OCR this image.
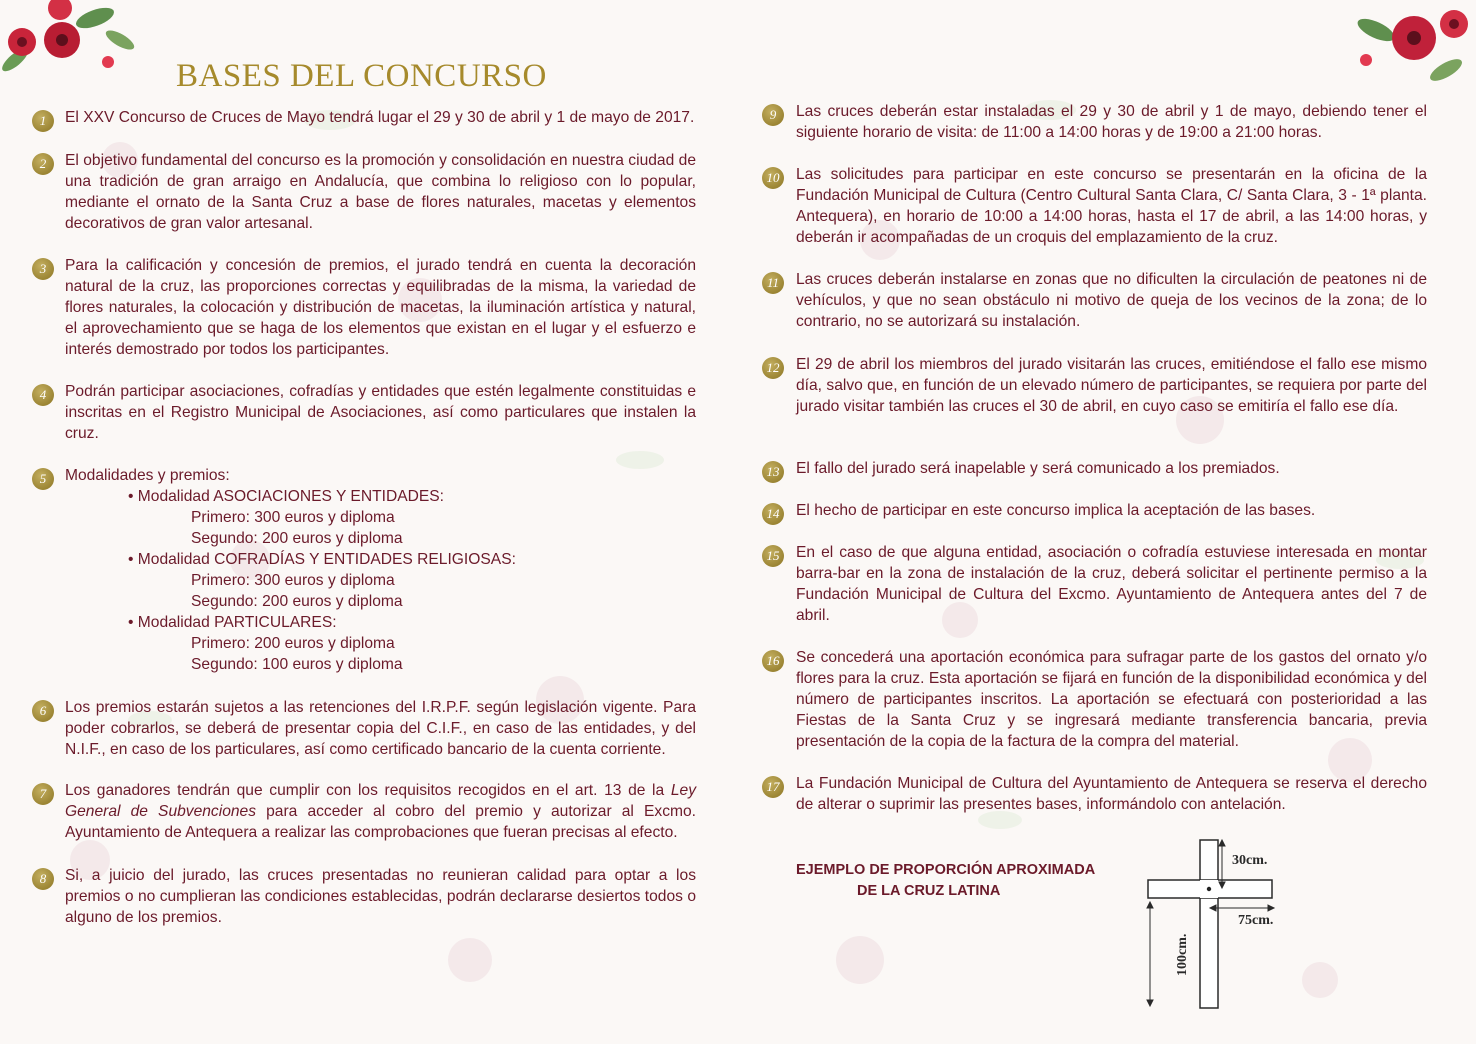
BASES DEL CONCURSO
1	El XXV Concurso de Cruces de Mayo tendrá lugar el 29 y 30 de abril y 1 de mayo de 2017.
2	El objetivo fundamental del concurso es la promoción y consolidación en nuestra ciudad de una tradición de gran arraigo en Andalucía, que combina lo religioso con lo popular, mediante el ornato de la Santa Cruz a base de flores naturales, macetas y elementos decorativos de gran valor artesanal.
3	Para la calificación y concesión de premios, el jurado tendrá en cuenta la decoración natural de la cruz, las proporciones correctas y equilibradas de la misma, la variedad de flores naturales, la colocación y distribución de macetas, la iluminación artística y natural, el aprovechamiento que se haga de los elementos que existan en el lugar y el esfuerzo e interés demostrado por todos los participantes.
4	Podrán participar asociaciones, cofradías y entidades que estén legalmente constituidas e inscritas en el Registro Municipal de Asociaciones, así como particulares que instalen la cruz.
5	Modalidades y premios:
• Modalidad ASOCIACIONES Y ENTIDADES:
Primero: 300 euros y diploma
Segundo: 200 euros y diploma
• Modalidad COFRADÍAS Y ENTIDADES RELIGIOSAS:
Primero: 300 euros y diploma
Segundo: 200 euros y diploma
• Modalidad PARTICULARES:
Primero: 200 euros y diploma
Segundo: 100 euros y diploma
6	Los premios estarán sujetos a las retenciones del I.R.P.F. según legislación vigente. Para poder cobrarlos, se deberá de presentar copia del C.I.F., en caso de las entidades, y del N.I.F., en caso de los particulares, así como certificado bancario de la cuenta corriente.
7	Los ganadores tendrán que cumplir con los requisitos recogidos en el art. 13 de la Ley General de Subvenciones para acceder al cobro del premio y autorizar al Excmo. Ayuntamiento de Antequera a realizar las comprobaciones que fueran precisas al efecto.
8	Si, a juicio del jurado, las cruces presentadas no reunieran calidad para optar a los premios o no cumplieran las condiciones establecidas, podrán declararse desiertos todos o alguno de los premios.
9	Las cruces deberán estar instaladas el 29 y 30 de abril y 1 de mayo, debiendo tener el siguiente horario de visita: de 11:00 a 14:00 horas y de 19:00 a 21:00 horas.
10 Las solicitudes para participar en este concurso se presentarán en la oficina de la Fundación Municipal de Cultura (Centro Cultural Santa Clara, C/ Santa Clara, 3 - 1ª planta. Antequera), en horario de 10:00 a 14:00 horas, hasta el 17 de abril, a las 14:00 horas, y deberán ir acompañadas de un croquis del emplazamiento de la cruz.
11	Las cruces deberán instalarse en zonas que no dificulten la circulación de peatones ni de vehículos, y que no sean obstáculo ni motivo de queja de los vecinos de la zona; de lo contrario, no se autorizará su instalación.
12 El 29 de abril los miembros del jurado visitarán las cruces, emitiéndose el fallo ese mismo día, salvo que, en función de un elevado número de participantes, se requiera por parte del jurado visitar también las cruces el 30 de abril, en cuyo caso se emitiría el fallo ese día.
13 El fallo del jurado será inapelable y será comunicado a los premiados.
14 El hecho de participar en este concurso implica la aceptación de las bases.
15 En el caso de que alguna entidad, asociación o cofradía estuviese interesada en montar barra-bar en la zona de instalación de la cruz, deberá solicitar el pertinente permiso a la Fundación Municipal de Cultura del Excmo. Ayuntamiento de Antequera antes del 7 de abril.
16 Se concederá una aportación económica para sufragar parte de los gastos del ornato y/o flores para la cruz. Esta aportación se fijará en función de la disponibilidad económica y del número de participantes inscritos. La aportación se efectuará con posterioridad a las Fiestas de la Santa Cruz y se ingresará mediante transferencia bancaria, previa presentación de la copia de la factura de la compra del material.
17 La Fundación Municipal de Cultura del Ayuntamiento de Antequera se reserva el derecho de alterar o suprimir las presentes bases, informándolo con antelación.
EJEMPLO DE PROPORCIÓN APROXIMADA
DE LA CRUZ LATINA
30cm.
75cm.
100cm.
